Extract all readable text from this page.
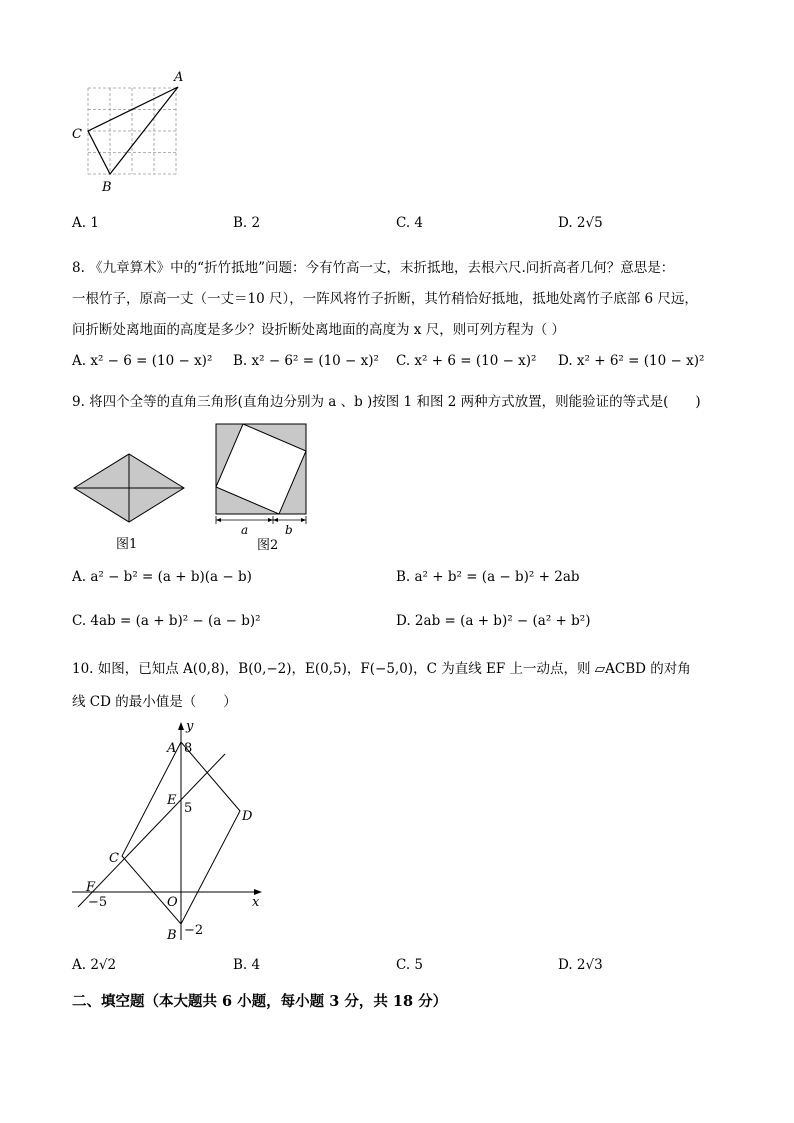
A
C
B
A. 1	B. 2	C. 4	D. 2√5
8. 《九章算术》中的“折竹抵地”问题：今有竹高一丈，末折抵地，去根六尺.问折高者几何？意思是：
一根竹子，原高一丈（一丈＝10 尺），一阵风将竹子折断，其竹稍恰好抵地，抵地处离竹子底部 6 尺远，
问折断处离地面的高度是多少？设折断处离地面的高度为 x 尺，则可列方程为（ ）
A. x² − 6 = (10 − x)² B. x² − 6² = (10 − x)² C. x² + 6 = (10 − x)² D. x² + 6² = (10 − x)²
9. 将四个全等的直角三角形(直角边分别为 a 、b )按图 1 和图 2 两种方式放置，则能验证的等式是(　　)
图1
a	b
图2
A. a² − b² = (a + b)(a − b)	B. a² + b² = (a − b)² + 2ab
C. 4ab = (a + b)² − (a − b)²	D. 2ab = (a + b)² − (a² + b²)
10. 如图，已知点 A(0,8)，B(0,−2)，E(0,5)，F(−5,0)，C 为直线 EF 上一动点，则 ▱ACBD 的对角
线 CD 的最小值是（　　）
y
x
A 8
E
5
D
C
F
−5	O
B −2
A. 2√2	B. 4	C. 5	D. 2√3
二、填空题（本大题共 6 小题，每小题 3 分，共 18 分）
